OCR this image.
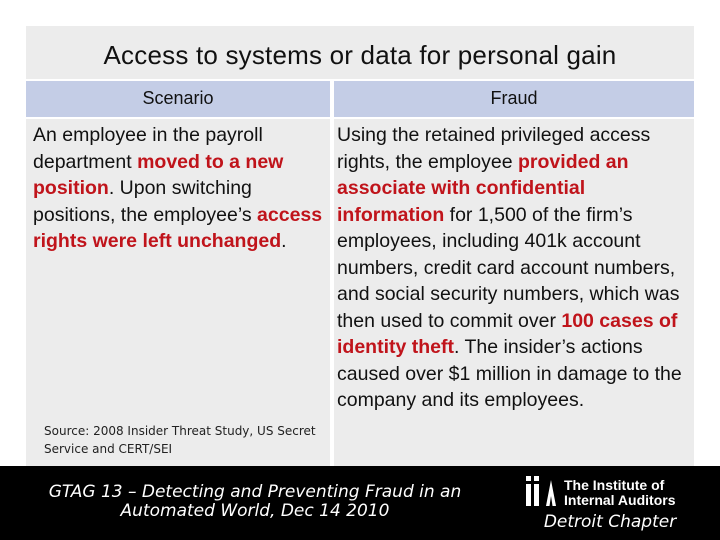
Access to systems or data for personal gain
Scenario	Fraud
An employee in the payroll department moved to a new position. Upon switching positions, the employee’s access rights were left unchanged.
Using the retained privileged access rights, the employee provided an associate with confidential information for 1,500 of the firm’s employees, including 401k account numbers, credit card account numbers, and social security numbers, which was then used to commit over 100 cases of identity theft. The insider’s actions caused over $1 million in damage to the company and its employees.
Source: 2008 Insider Threat Study, US Secret Service and CERT/SEI
GTAG 13 – Detecting and Preventing Fraud in an
Automated World, Dec 14 2010
The Institute of
Internal Auditors
Detroit Chapter
